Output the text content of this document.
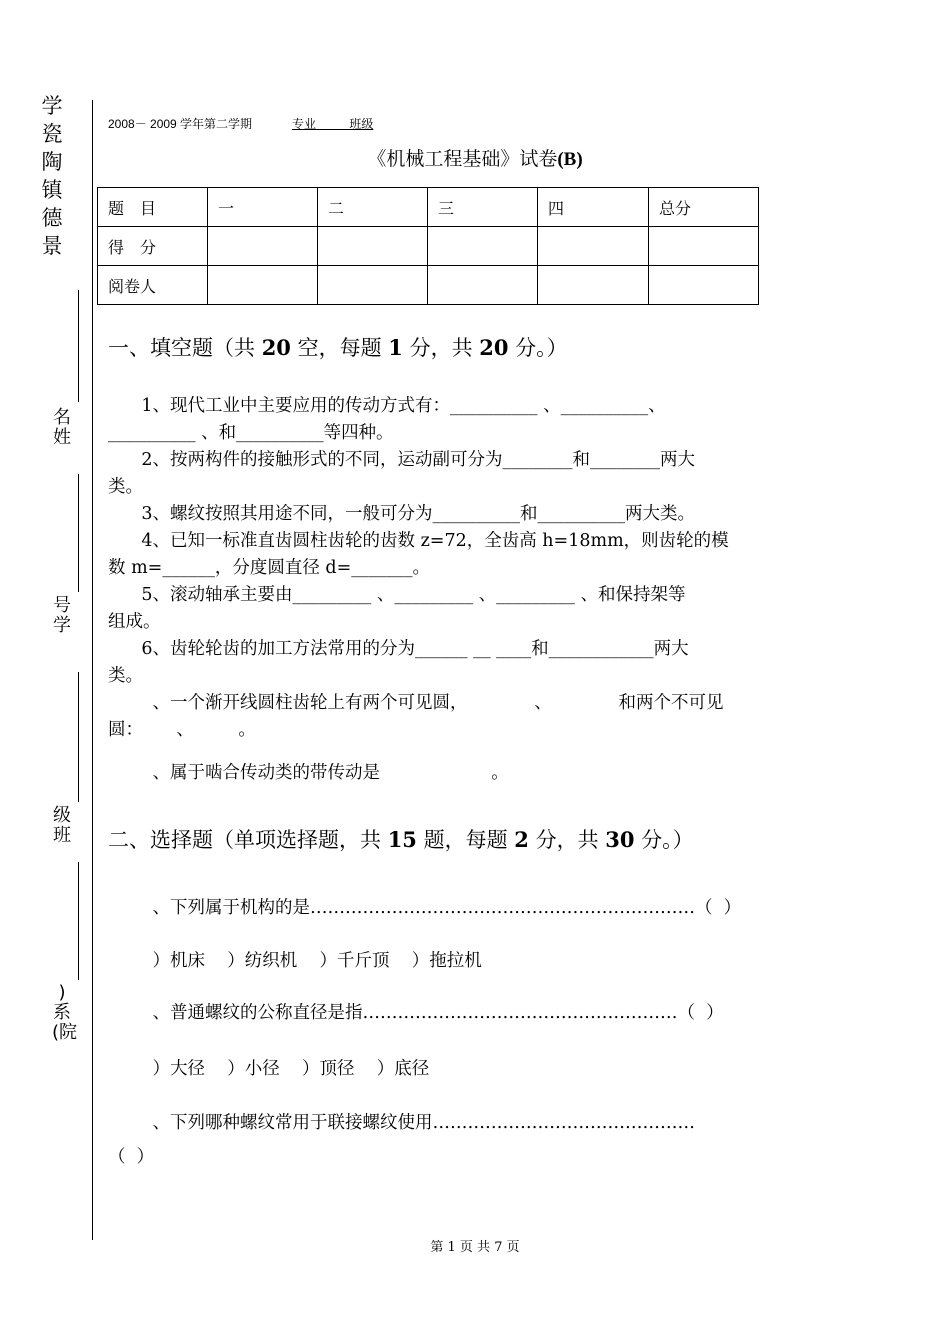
学
瓷
陶
镇
德
景
名姓
号学
级班
)系(院
2008－ 2009 学年第二学期	专业          班级
《机械工程基础》试卷(B)
题　目	一	二	三	四	总分
得　分					
阅卷人					
一、填空题（共 20 空，每题 1 分，共 20 分。）
1、现代工业中主要应用的传动方式有：__________ 、__________、
__________ 、和__________等四种。
2、按两构件的接触形式的不同，运动副可分为________和________两大
类。
3、螺纹按照其用途不同，一般可分为__________和__________两大类。
4、已知一标准直齿圆柱齿轮的齿数 z=72，全齿高 h=18mm，则齿轮的模
数 m=______，分度圆直径 d=_______。
5、滚动轴承主要由_________ 、_________ 、_________ 、和保持架等
组成。
6、齿轮轮齿的加工方法常用的分为______ __ ____和____________两大
类。
、一个渐开线圆柱齿轮上有两个可见圆，            、            和两个不可见
圆：      、        。
、属于啮合传动类的带传动是                    。
二、选择题（单项选择题，共 15 题，每题 2 分，共 30 分。）
、下列属于机构的是…………………………………………………………（  ）
）机床    ）纺织机    ）千斤顶    ）拖拉机
、普通螺纹的公称直径是指………………………………………………（  ）
）大径    ）小径    ）顶径    ）底径
、下列哪种螺纹常用于联接螺纹使用………………………………………
（  ）
第 1 页 共 7 页
